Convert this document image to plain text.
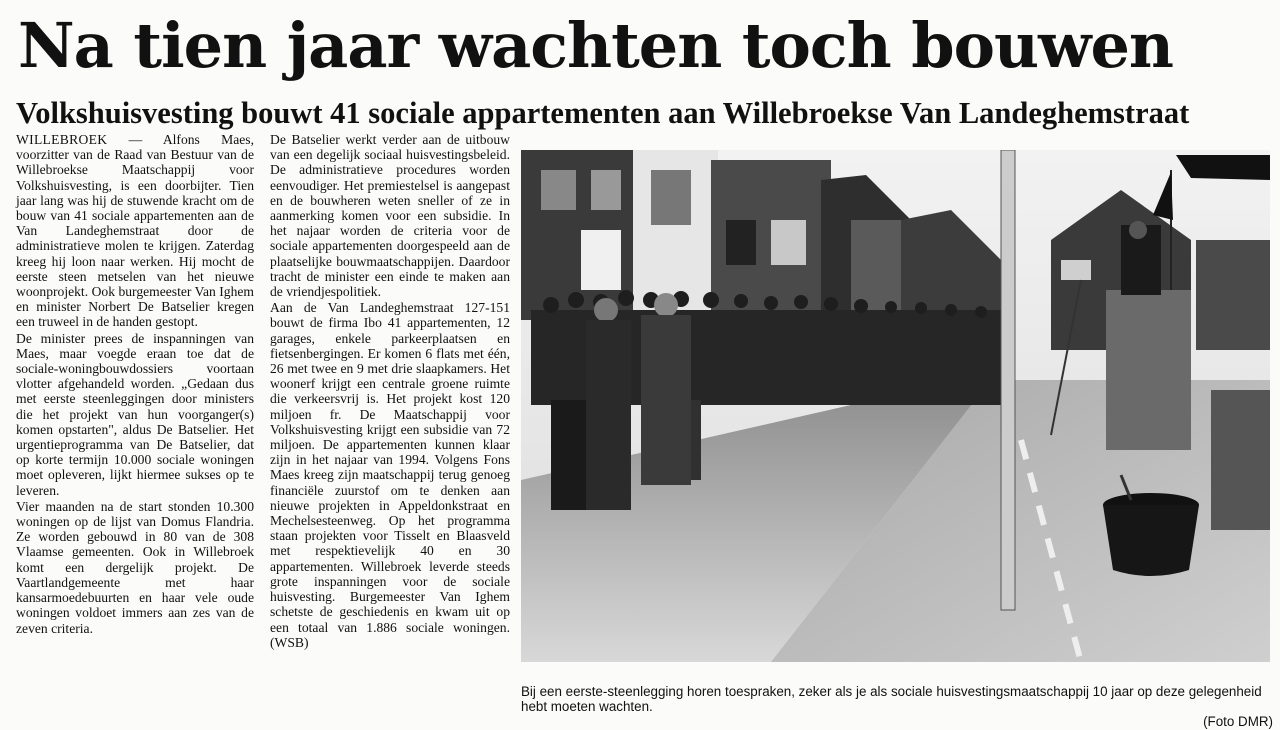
Na tien jaar wachten toch bouwen
Volkshuisvesting bouwt 41 sociale appartementen aan Willebroekse Van Landeghemstraat

WILLEBROEK — Alfons Maes, voorzitter van de Raad van Bestuur van de Willebroekse Maatschappij voor Volkshuisvesting, is een doorbijter. Tien jaar lang was hij de stuwende kracht om de bouw van 41 sociale appartementen aan de Van Landeghemstraat door de administratieve molen te krijgen. Zaterdag kreeg hij loon naar werken. Hij mocht de eerste steen metselen van het nieuwe woonprojekt. Ook burgemeester Van Ighem en minister Norbert De Batselier kregen een truweel in de handen gestopt.

De minister prees de inspanningen van Maes, maar voegde eraan toe dat de sociale-woningbouwdossiers voortaan vlotter afgehandeld worden. „Gedaan dus met eerste steenleggingen door ministers die het projekt van hun voorganger(s) komen opstarten", aldus De Batselier. Het urgentieprogramma van De Batselier, dat op korte termijn 10.000 sociale woningen moet opleveren, lijkt hiermee sukses op te leveren.

Vier maanden na de start stonden 10.300 woningen op de lijst van Domus Flandria. Ze worden gebouwd in 80 van de 308 Vlaamse gemeenten. Ook in Willebroek komt een dergelijk projekt. De Vaartlandgemeente met haar kansarmoedebuurten en haar vele oude woningen voldoet immers aan zes van de zeven criteria.

De Batselier werkt verder aan de uitbouw van een degelijk sociaal huisvestingsbeleid. De administratieve procedures worden eenvoudiger. Het premiestelsel is aangepast en de bouwheren weten sneller of ze in aanmerking komen voor een subsidie. In het najaar worden de criteria voor de sociale appartementen doorgespeeld aan de plaatselijke bouwmaatschappijen. Daardoor tracht de minister een einde te maken aan de vriendjespolitiek.

Aan de Van Landeghemstraat 127-151 bouwt de firma Ibo 41 appartementen, 12 garages, enkele parkeerplaatsen en fietsenbergingen. Er komen 6 flats met één, 26 met twee en 9 met drie slaapkamers. Het woonerf krijgt een centrale groene ruimte die verkeersvrij is. Het projekt kost 120 miljoen fr. De Maatschappij voor Volkshuisvesting krijgt een subsidie van 72 miljoen. De appartementen kunnen klaar zijn in het najaar van 1994. Volgens Fons Maes kreeg zijn maatschappij terug genoeg financiële zuurstof om te denken aan nieuwe projekten in Appeldonkstraat en Mechelsesteenweg. Op het programma staan projekten voor Tisselt en Blaasveld met respektievelijk 40 en 30 appartementen. Willebroek leverde steeds grote inspanningen voor de sociale huisvesting. Burgemeester Van Ighem schetste de geschiedenis en kwam uit op een totaal van 1.886 sociale woningen. (WSB)

Bij een eerste-steenlegging horen toespraken, zeker als je als sociale huisvestingsmaatschappij 10 jaar op deze gelegenheid hebt moeten wachten.
(Foto DMR)
